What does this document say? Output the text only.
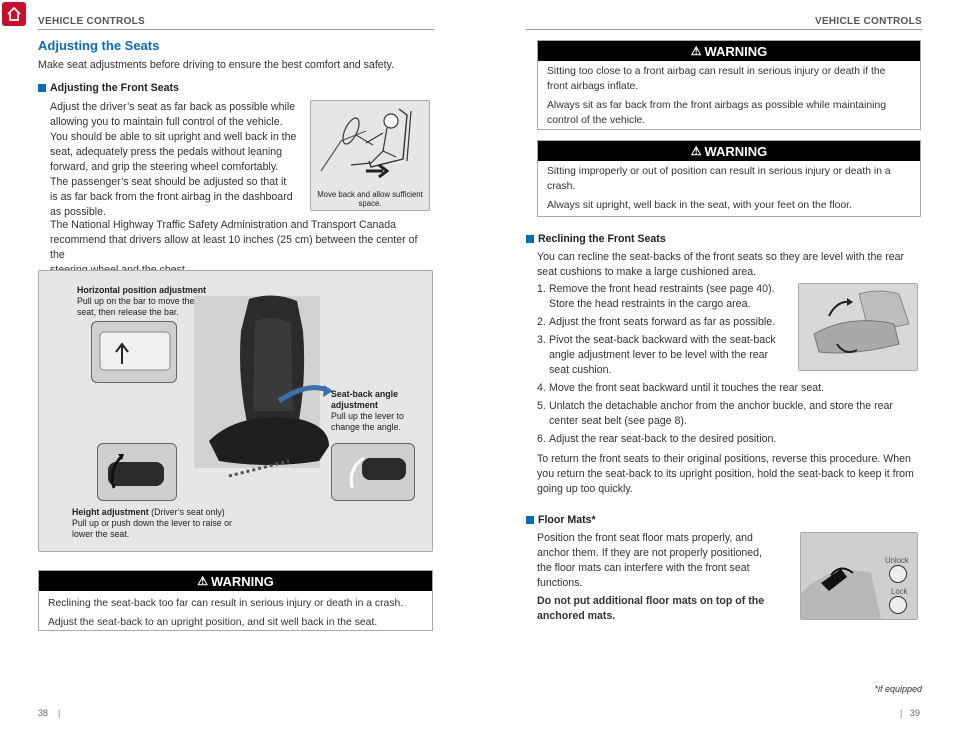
VEHICLE CONTROLS	VEHICLE CONTROLS
Adjusting the Seats
Make seat adjustments before driving to ensure the best comfort and safety.
Adjusting the Front Seats
Adjust the driver’s seat as far back as possible while
allowing you to maintain full control of the vehicle.
You should be able to sit upright and well back in the
seat, adequately press the pedals without leaning
forward, and grip the steering wheel comfortably.
The passenger’s seat should be adjusted so that it
is as far back from the front airbag in the dashboard
as possible.
Move back and allow sufficient space.
The National Highway Traffic Safety Administration and Transport Canada
recommend that drivers allow at least 10 inches (25 cm) between the center of the
Horizontal position adjustment
Pull up on the bar to move the
seat, then release the bar.
Seat-back angle
adjustment
Pull up the lever to
change the angle.
Height adjustment (Driver’s seat only)
Pull up or push down the lever to raise or
lower the seat.
⚠ WARNING
Reclining the seat-back too far can result in serious injury or death in a crash.
Adjust the seat-back to an upright position, and sit well back in the seat.
38 |
⚠ WARNING
Sitting too close to a front airbag can result in serious injury or death if the
front airbags inflate.
Always sit as far back from the front airbags as possible while maintaining
control of the vehicle.
⚠ WARNING
Sitting improperly or out of position can result in serious injury or death in a
crash.
Always sit upright, well back in the seat, with your feet on the floor.
Reclining the Front Seats
You can recline the seat-backs of the front seats so they are level with the rear
seat cushions to make a large cushioned area.
1. Remove the front head restraints (see page 40).
Store the head restraints in the cargo area.
2. Adjust the front seats forward as far as possible.
3. Pivot the seat-back backward with the seat-back
angle adjustment lever to be level with the rear
seat cushion.
4. Move the front seat backward until it touches the rear seat.
5. Unlatch the detachable anchor from the anchor buckle, and store the rear
center seat belt (see page 8).
6. Adjust the rear seat-back to the desired position.
To return the front seats to their original positions, reverse this procedure. When
you return the seat-back to its upright position, hold the seat-back to keep it from
going up too quickly.
Floor Mats*
Position the front seat floor mats properly, and
anchor them. If they are not properly positioned,
the floor mats can interfere with the front seat
functions.
Do not put additional floor mats on top of the
anchored mats.
Unlock
Lock
*if equipped
| 39
